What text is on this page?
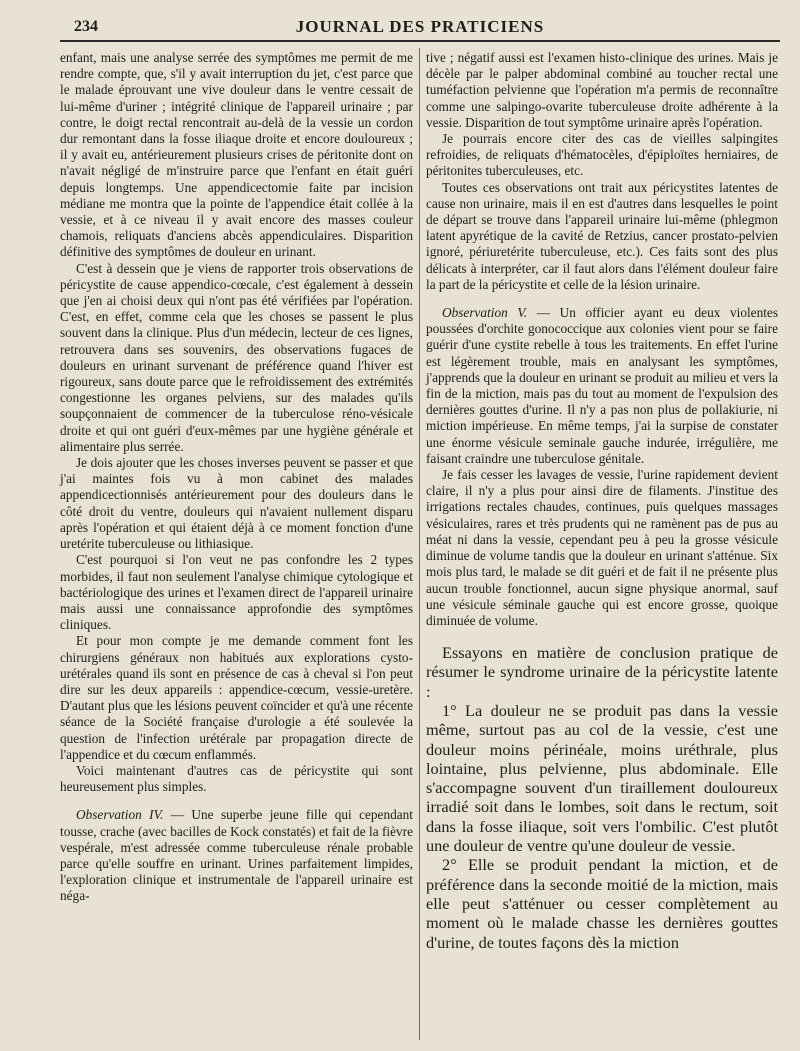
234	JOURNAL DES PRATICIENS

enfant, mais une analyse serrée des symptômes me permit de me rendre compte, que, s'il y avait interruption du jet, c'est parce que le malade éprouvant une vive douleur dans le ventre cessait de lui-même d'uriner ; intégrité clinique de l'appareil urinaire ; par contre, le doigt rectal rencontrait au-delà de la vessie un cordon dur remontant dans la fosse iliaque droite et encore douloureux ; il y avait eu, antérieurement plusieurs crises de péritonite dont on n'avait négligé de m'instruire parce que l'enfant en était guéri depuis longtemps. Une appendicectomie faite par incision médiane me montra que la pointe de l'appendice était collée à la vessie, et à ce niveau il y avait encore des masses couleur chamois, reliquats d'anciens abcès appendiculaires. Disparition définitive des symptômes de douleur en urinant.

C'est à dessein que je viens de rapporter trois observations de péricystite de cause appendico-cœcale, c'est également à dessein que j'en ai choisi deux qui n'ont pas été vérifiées par l'opération. C'est, en effet, comme cela que les choses se passent le plus souvent dans la clinique. Plus d'un médecin, lecteur de ces lignes, retrouvera dans ses souvenirs, des observations fugaces de douleurs en urinant survenant de préférence quand l'hiver est rigoureux, sans doute parce que le refroidissement des extrémités congestionne les organes pelviens, sur des malades qu'ils soupçonnaient de commencer de la tuberculose réno-vésicale droite et qui ont guéri d'eux-mêmes par une hygiène générale et alimentaire plus serrée.

Je dois ajouter que les choses inverses peuvent se passer et que j'ai maintes fois vu à mon cabinet des malades appendicectionnisés antérieurement pour des douleurs dans le côté droit du ventre, douleurs qui n'avaient nullement disparu après l'opération et qui étaient déjà à ce moment fonction d'une uretérite tuberculeuse ou lithiasique.

C'est pourquoi si l'on veut ne pas confondre les 2 types morbides, il faut non seulement l'analyse chimique cytologique et bactériologique des urines et l'examen direct de l'appareil urinaire mais aussi une connaissance approfondie des symptômes cliniques.

Et pour mon compte je me demande comment font les chirurgiens généraux non habitués aux explorations cysto-urétérales quand ils sont en présence de cas à cheval si l'on peut dire sur les deux appareils : appendice-cœcum, vessie-uretère. D'autant plus que les lésions peuvent coïncider et qu'à une récente séance de la Société française d'urologie a été soulevée la question de l'infection urétérale par propagation directe de l'appendice et du cœcum enflammés.

Voici maintenant d'autres cas de péricystite qui sont heureusement plus simples.

Observation IV. — Une superbe jeune fille qui cependant tousse, crache (avec bacilles de Kock constatés) et fait de la fièvre vespérale, m'est adressée comme tuberculeuse rénale probable parce qu'elle souffre en urinant. Urines parfaitement limpides, l'exploration clinique et instrumentale de l'appareil urinaire est néga-

tive ; négatif aussi est l'examen histo-clinique des urines. Mais je décèle par le palper abdominal combiné au toucher rectal une tuméfaction pelvienne que l'opération m'a permis de reconnaître comme une salpingo-ovarite tuberculeuse droite adhérente à la vessie. Disparition de tout symptôme urinaire après l'opération.

Je pourrais encore citer des cas de vieilles salpingites refroidies, de reliquats d'hématocèles, d'épiploïtes herniaires, de péritonites tuberculeuses, etc.

Toutes ces observations ont trait aux péricystites latentes de cause non urinaire, mais il en est d'autres dans lesquelles le point de départ se trouve dans l'appareil urinaire lui-même (phlegmon latent apyrétique de la cavité de Retzius, cancer prostato-pelvien ignoré, périuretérite tuberculeuse, etc.). Ces faits sont des plus délicats à interpréter, car il faut alors dans l'élément douleur faire la part de la péricystite et celle de la lésion urinaire.

Observation V. — Un officier ayant eu deux violentes poussées d'orchite gonococcique aux colonies vient pour se faire guérir d'une cystite rebelle à tous les traitements. En effet l'urine est légèrement trouble, mais en analysant les symptômes, j'apprends que la douleur en urinant se produit au milieu et vers la fin de la miction, mais pas du tout au moment de l'expulsion des dernières gouttes d'urine. Il n'y a pas non plus de pollakiurie, ni miction impérieuse. En même temps, j'ai la surpise de constater une énorme vésicule seminale gauche indurée, irrégulière, me faisant craindre une tuberculose génitale.

Je fais cesser les lavages de vessie, l'urine rapidement devient claire, il n'y a plus pour ainsi dire de filaments. J'institue des irrigations rectales chaudes, continues, puis quelques massages vésiculaires, rares et très prudents qui ne ramènent pas de pus au méat ni dans la vessie, cependant peu à peu la grosse vésicule diminue de volume tandis que la douleur en urinant s'atténue. Six mois plus tard, le malade se dit guéri et de fait il ne présente plus aucun trouble fonctionnel, aucun signe physique anormal, sauf une vésicule séminale gauche qui est encore grosse, quoique diminuée de volume.

Essayons en matière de conclusion pratique de résumer le syndrome urinaire de la péricystite latente :

1° La douleur ne se produit pas dans la vessie même, surtout pas au col de la vessie, c'est une douleur moins périnéale, moins uréthrale, plus lointaine, plus pelvienne, plus abdominale. Elle s'accompagne souvent d'un tiraillement douloureux irradié soit dans le lombes, soit dans le rectum, soit dans la fosse iliaque, soit vers l'ombilic. C'est plutôt une douleur de ventre qu'une douleur de vessie.

2° Elle se produit pendant la miction, et de préférence dans la seconde moitié de la miction, mais elle peut s'atténuer ou cesser complètement au moment où le malade chasse les dernières gouttes d'urine, de toutes façons dès la miction
